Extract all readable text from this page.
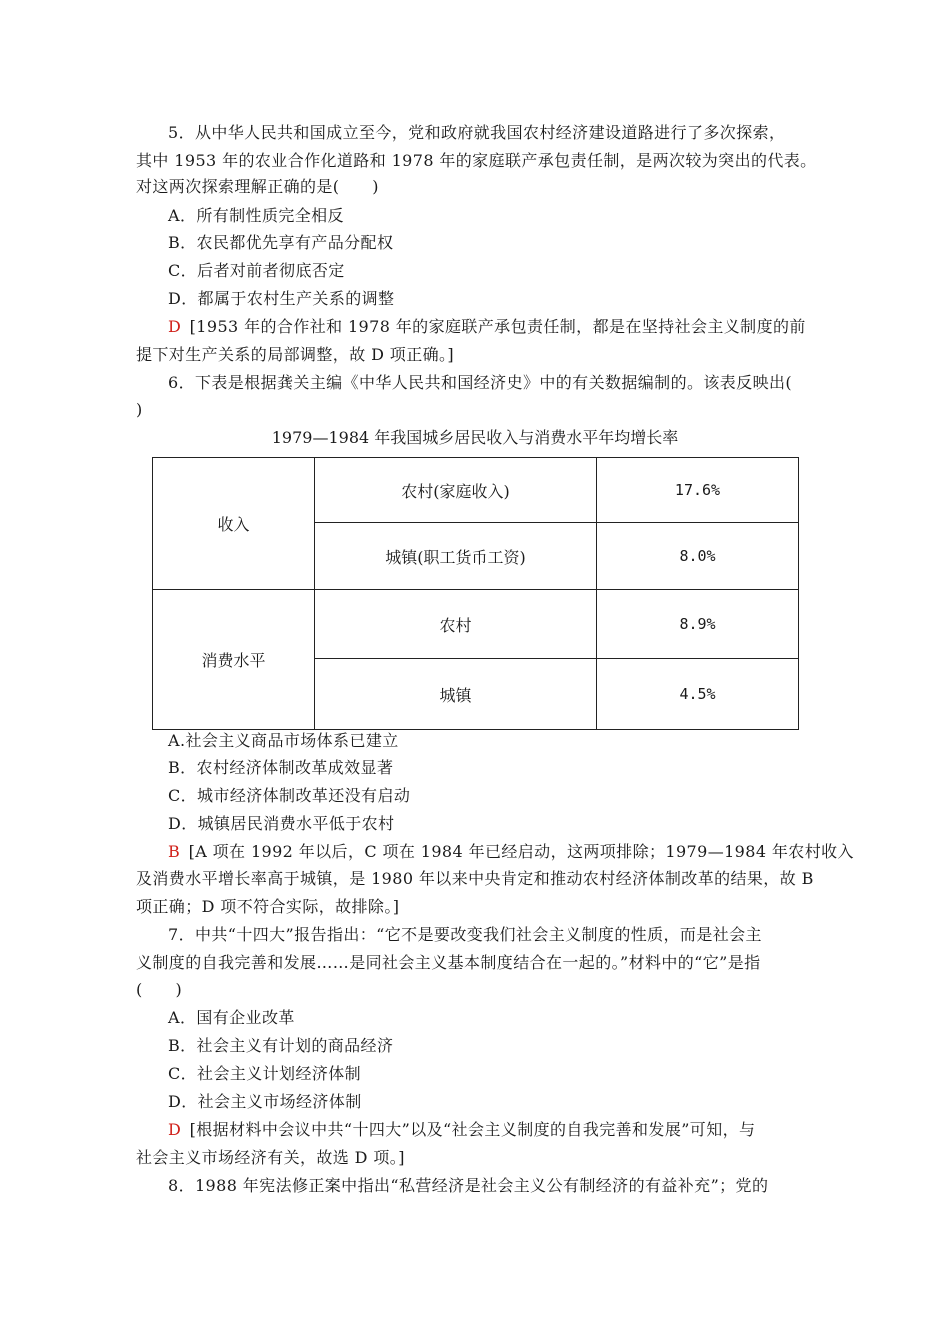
5．从中华人民共和国成立至今，党和政府就我国农村经济建设道路进行了多次探索，
其中 1953 年的农业合作化道路和 1978 年的家庭联产承包责任制，是两次较为突出的代表。
对这两次探索理解正确的是(　　)
A．所有制性质完全相反
B．农民都优先享有产品分配权
C．后者对前者彻底否定
D．都属于农村生产关系的调整
D  [1953 年的合作社和 1978 年的家庭联产承包责任制，都是在坚持社会主义制度的前
提下对生产关系的局部调整，故 D 项正确。]
6．下表是根据龚关主编《中华人民共和国经济史》中的有关数据编制的。该表反映出(
)
1979—1984 年我国城乡居民收入与消费水平年均增长率
收入	农村(家庭收入)	17.6%
	城镇(职工货币工资)	8.0%
消费水平	农村	8.9%
	城镇	4.5%
A.社会主义商品市场体系已建立
B．农村经济体制改革成效显著
C．城市经济体制改革还没有启动
D．城镇居民消费水平低于农村
B  [A 项在 1992 年以后，C 项在 1984 年已经启动，这两项排除；1979—1984 年农村收入
及消费水平增长率高于城镇，是 1980 年以来中央肯定和推动农村经济体制改革的结果，故 B
项正确；D 项不符合实际，故排除。]
7．中共“十四大”报告指出：“它不是要改变我们社会主义制度的性质，而是社会主
义制度的自我完善和发展……是同社会主义基本制度结合在一起的。”材料中的“它”是指
(　　)
A．国有企业改革
B．社会主义有计划的商品经济
C．社会主义计划经济体制
D．社会主义市场经济体制
D  [根据材料中会议中共“十四大”以及“社会主义制度的自我完善和发展”可知，与
社会主义市场经济有关，故选 D 项。]
8．1988 年宪法修正案中指出“私营经济是社会主义公有制经济的有益补充”；党的
